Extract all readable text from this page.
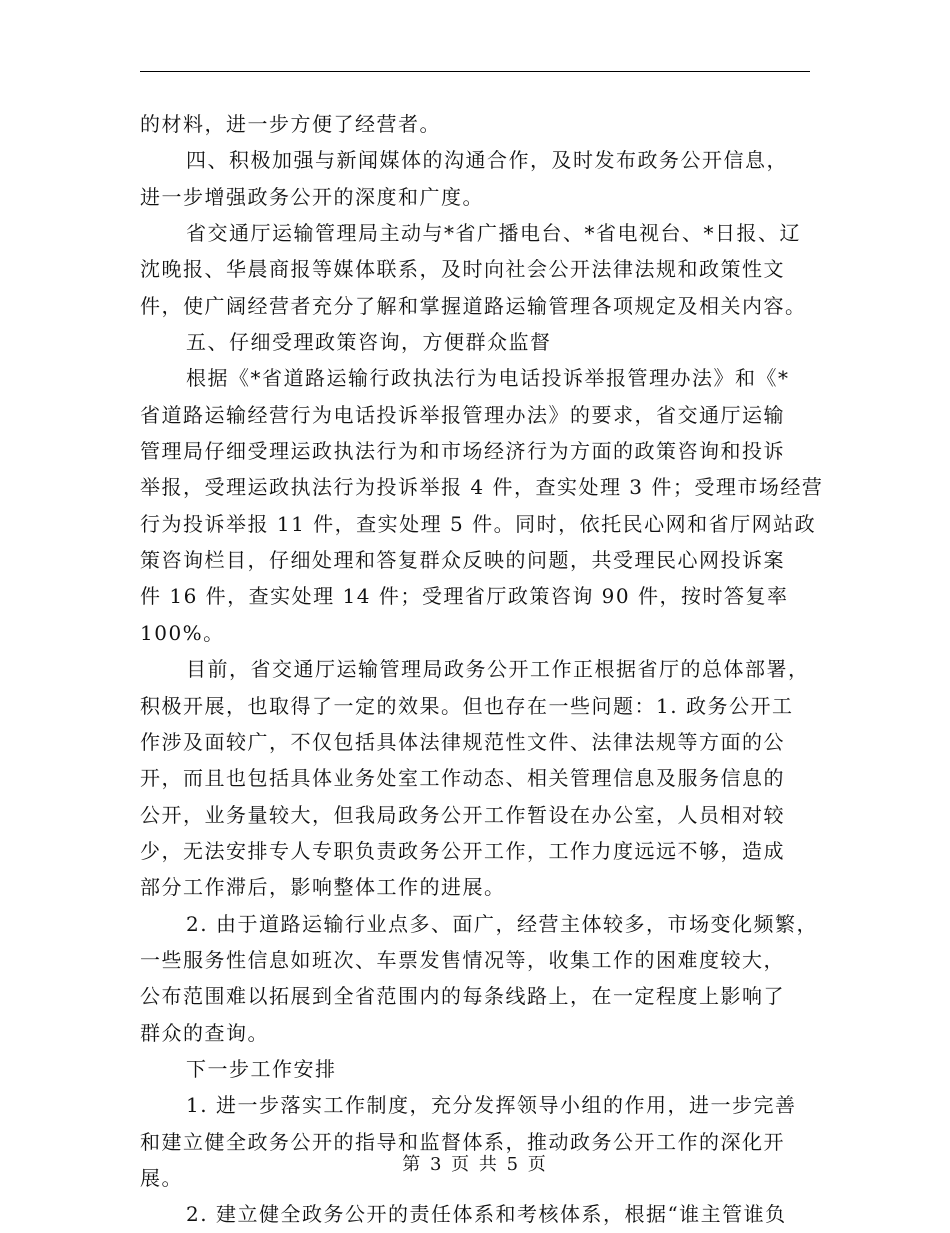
的材料，进一步方便了经营者。
四、积极加强与新闻媒体的沟通合作，及时发布政务公开信息，
进一步增强政务公开的深度和广度。
省交通厅运输管理局主动与*省广播电台、*省电视台、*日报、辽
沈晚报、华晨商报等媒体联系，及时向社会公开法律法规和政策性文
件，使广阔经营者充分了解和掌握道路运输管理各项规定及相关内容。
五、仔细受理政策咨询，方便群众监督
根据《*省道路运输行政执法行为电话投诉举报管理办法》和《*
省道路运输经营行为电话投诉举报管理办法》的要求，省交通厅运输
管理局仔细受理运政执法行为和市场经济行为方面的政策咨询和投诉
举报，受理运政执法行为投诉举报 4 件，查实处理 3 件；受理市场经营
行为投诉举报 11 件，查实处理 5 件。同时，依托民心网和省厅网站政
策咨询栏目，仔细处理和答复群众反映的问题，共受理民心网投诉案
件 16 件，查实处理 14 件；受理省厅政策咨询 90 件，按时答复率
100%。
目前，省交通厅运输管理局政务公开工作正根据省厅的总体部署，
积极开展，也取得了一定的效果。但也存在一些问题：1. 政务公开工
作涉及面较广，不仅包括具体法律规范性文件、法律法规等方面的公
开，而且也包括具体业务处室工作动态、相关管理信息及服务信息的
公开，业务量较大，但我局政务公开工作暂设在办公室，人员相对较
少，无法安排专人专职负责政务公开工作，工作力度远远不够，造成
部分工作滞后，影响整体工作的进展。
2. 由于道路运输行业点多、面广，经营主体较多，市场变化频繁，
一些服务性信息如班次、车票发售情况等，收集工作的困难度较大，
公布范围难以拓展到全省范围内的每条线路上，在一定程度上影响了
群众的查询。
下一步工作安排
1. 进一步落实工作制度，充分发挥领导小组的作用，进一步完善
和建立健全政务公开的指导和监督体系，推动政务公开工作的深化开
展。
2. 建立健全政务公开的责任体系和考核体系，根据“谁主管谁负
第 3 页 共 5 页
